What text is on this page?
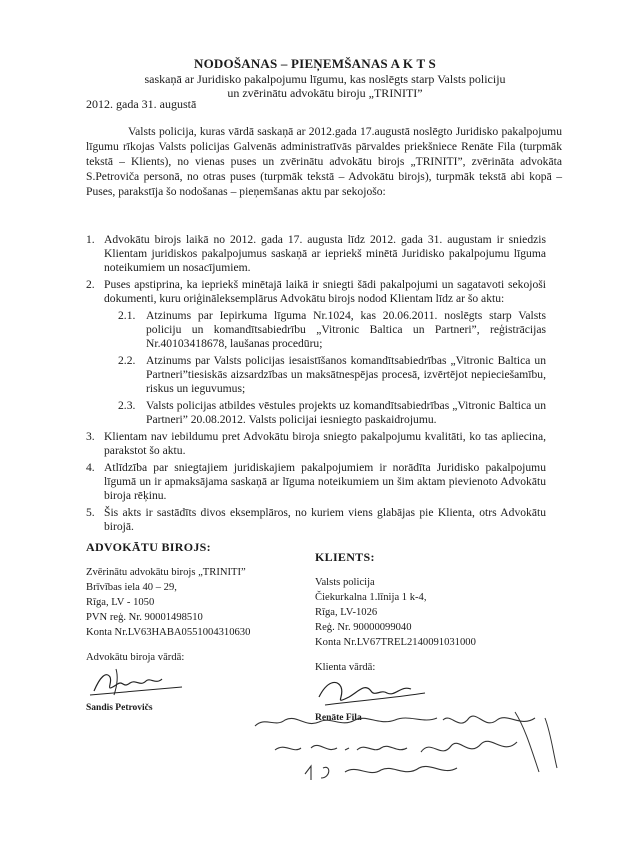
NODOŠANAS – PIEŅEMŠANAS A K T S
saskaņā ar Juridisko pakalpojumu līgumu, kas noslēgts starp Valsts policiju
un zvērinātu advokātu biroju „TRINITI”
2012. gada 31. augustā

Valsts policija, kuras vārdā saskaņā ar 2012.gada 17.augustā noslēgto Juridisko pakalpojumu līgumu rīkojas Valsts policijas Galvenās administratīvās pārvaldes priekšniece Renāte Fila (turpmāk tekstā – Klients), no vienas puses un zvērinātu advokātu birojs „TRINITI”, zvērināta advokāta S.Petroviča personā, no otras puses (turpmāk tekstā – Advokātu birojs), turpmāk tekstā abi kopā – Puses, parakstīja šo nodošanas – pieņemšanas aktu par sekojošo:

1. Advokātu birojs laikā no 2012. gada 17. augusta līdz 2012. gada 31. augustam ir sniedzis Klientam juridiskos pakalpojumus saskaņā ar iepriekš minētā Juridisko pakalpojumu līguma noteikumiem un nosacījumiem.
2. Puses apstiprina, ka iepriekš minētajā laikā ir sniegti šādi pakalpojumi un sagatavoti sekojoši dokumenti, kuru oriģināleksemplārus Advokātu birojs nodod Klientam līdz ar šo aktu:
2.1. Atzinums par Iepirkuma līguma Nr.1024, kas 20.06.2011. noslēgts starp Valsts policiju un komandītsabiedrību „Vitronic Baltica un Partneri”, reģistrācijas Nr.40103418678, laušanas procedūru;
2.2. Atzinums par Valsts policijas iesaistīšanos komandītsabiedrības „Vitronic Baltica un Partneri”tiesiskās aizsardzības un maksātnespējas procesā, izvērtējot nepieciešamību, riskus un ieguvumus;
2.3. Valsts policijas atbildes vēstules projekts uz komandītsabiedrības „Vitronic Baltica un Partneri” 20.08.2012. Valsts policijai iesniegto paskaidrojumu.
3. Klientam nav iebildumu pret Advokātu biroja sniegto pakalpojumu kvalitāti, ko tas apliecina, parakstot šo aktu.
4. Atlīdzība par sniegtajiem juridiskajiem pakalpojumiem ir norādīta Juridisko pakalpojumu līgumā un ir apmaksājama saskaņā ar līguma noteikumiem un šim aktam pievienoto Advokātu biroja rēķinu.
5. Šis akts ir sastādīts divos eksemplāros, no kuriem viens glabājas pie Klienta, otrs Advokātu birojā.
ADVOKĀTU BIROJS:
Zvērinātu advokātu birojs „TRINITI”
Brīvības iela 40 – 29,
Rīga, LV - 1050
PVN reģ. Nr. 90001498510
Konta Nr.LV63HABA0551004310630
Advokātu biroja vārdā:
Sandis Petrovičs
KLIENTS:
Valsts policija
Čiekurkalna 1.līnija 1 k-4,
Rīga, LV-1026
Reģ. Nr. 90000099040
Konta Nr.LV67TREL2140091031000
Klienta vārdā:
Renāte Fila
